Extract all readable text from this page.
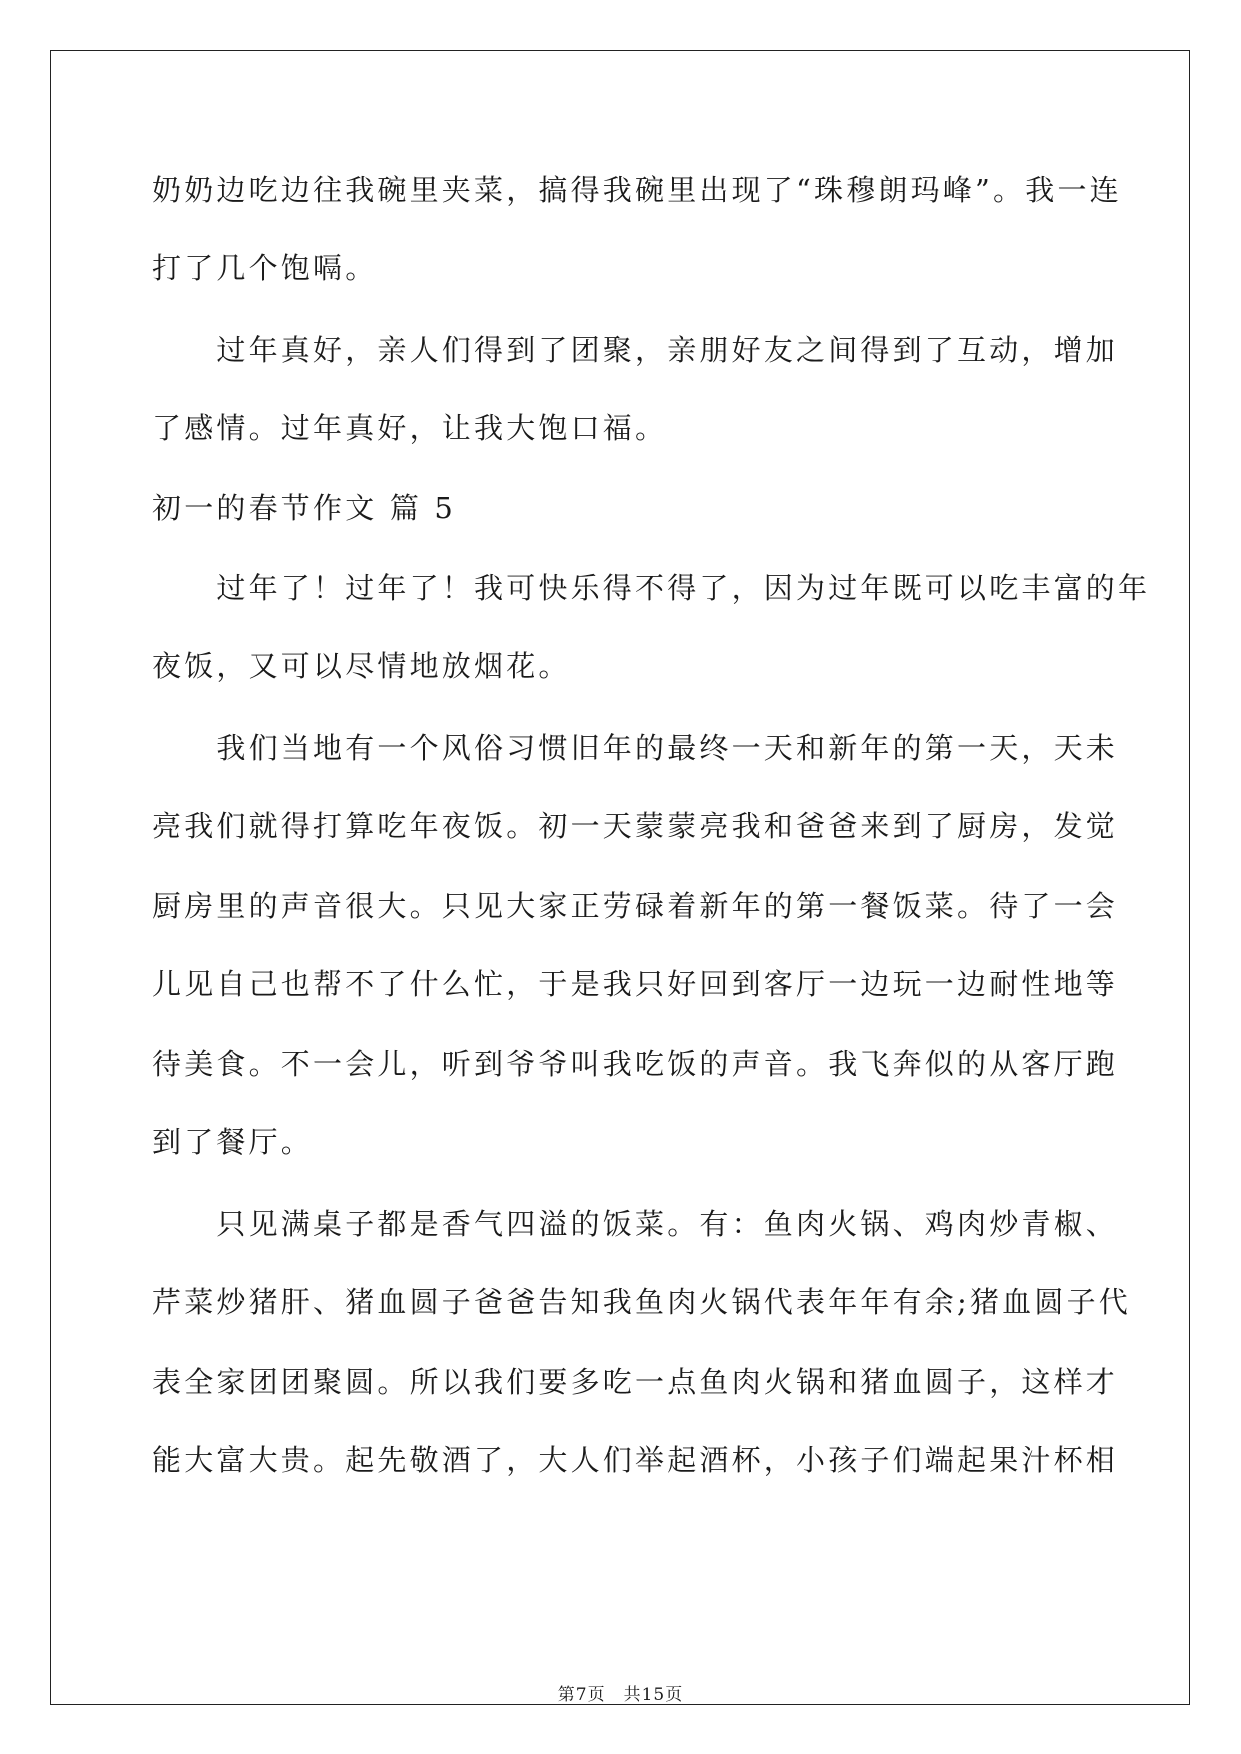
奶奶边吃边往我碗里夹菜，搞得我碗里出现了“珠穆朗玛峰”。我一连
打了几个饱嗝。
　　过年真好，亲人们得到了团聚，亲朋好友之间得到了互动，增加
了感情。过年真好，让我大饱口福。
初一的春节作文 篇 5
　　过年了！过年了！我可快乐得不得了，因为过年既可以吃丰富的年
夜饭，又可以尽情地放烟花。
　　我们当地有一个风俗习惯旧年的最终一天和新年的第一天，天未
亮我们就得打算吃年夜饭。初一天蒙蒙亮我和爸爸来到了厨房，发觉
厨房里的声音很大。只见大家正劳碌着新年的第一餐饭菜。待了一会
儿见自己也帮不了什么忙，于是我只好回到客厅一边玩一边耐性地等
待美食。不一会儿，听到爷爷叫我吃饭的声音。我飞奔似的从客厅跑
到了餐厅。
　　只见满桌子都是香气四溢的饭菜。有：鱼肉火锅、鸡肉炒青椒、
芹菜炒猪肝、猪血圆子爸爸告知我鱼肉火锅代表年年有余;猪血圆子代
表全家团团聚圆。所以我们要多吃一点鱼肉火锅和猪血圆子，这样才
能大富大贵。起先敬酒了，大人们举起酒杯，小孩子们端起果汁杯相
第7页　共15页
